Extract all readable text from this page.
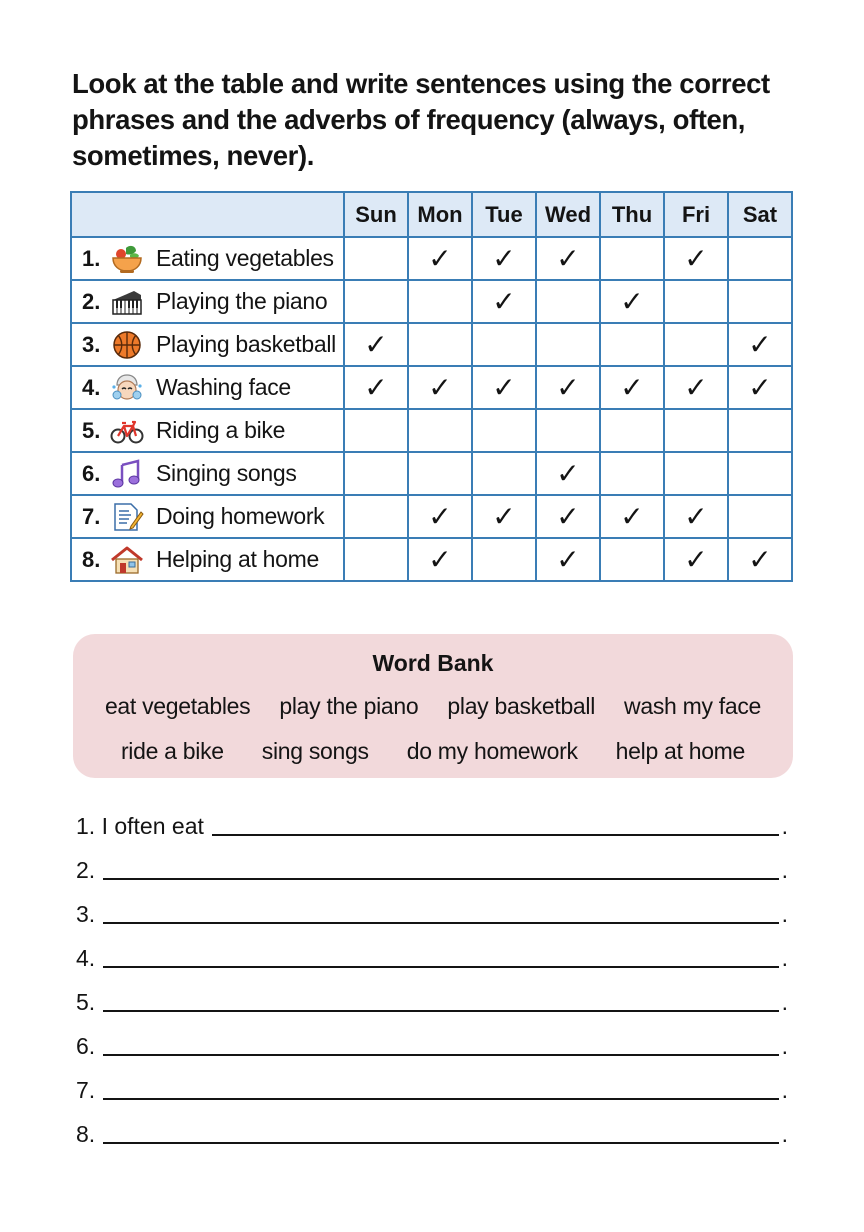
Look at the table and write sentences using the correct
phrases and the adverbs of frequency (always, often,
sometimes, never).
	Sun	Mon	Tue	Wed	Thu	Fri	Sat

1. Eating vegetables		✓	✓	✓		✓	

2. Playing the piano			✓		✓		

3. Playing basketball	✓						✓

4. Washing face	✓	✓	✓	✓	✓	✓	✓

5. Riding a bike							

6. Singing songs				✓			

7. Doing homework		✓	✓	✓	✓	✓	

8. Helping at home		✓		✓		✓	✓
Word Bank
eat vegetables play the piano play basketball wash my face
ride a bike sing songs do my homework help at home
1. I often eat	.
2.	.
3.	.
4.	.
5.	.
6.	.
7.	.
8.	.
